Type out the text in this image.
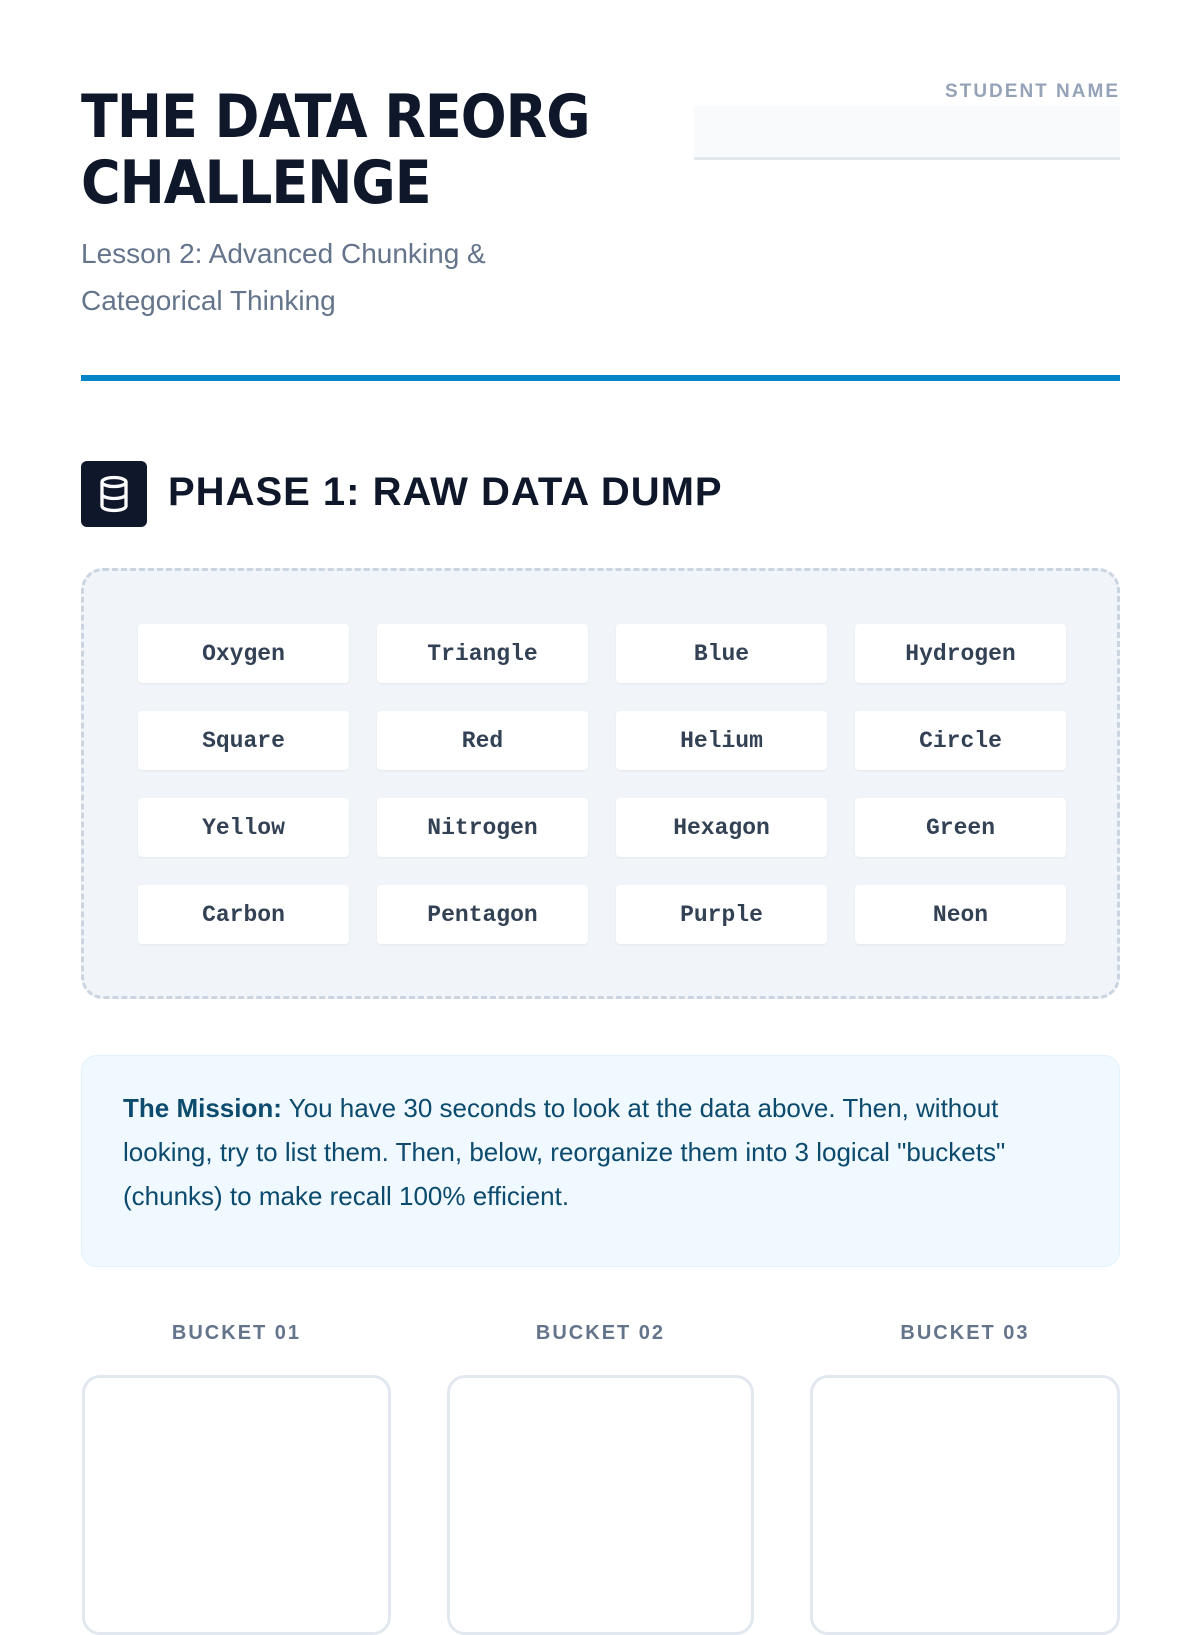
THE DATA REORG CHALLENGE
Lesson 2: Advanced Chunking & Categorical Thinking
STUDENT NAME
PHASE 1: RAW DATA DUMP
Oxygen	Triangle	Blue	Hydrogen
Square	Red	Helium	Circle
Yellow	Nitrogen	Hexagon	Green
Carbon	Pentagon	Purple	Neon
The Mission: You have 30 seconds to look at the data above. Then, without looking, try to list them. Then, below, reorganize them into 3 logical "buckets" (chunks) to make recall 100% efficient.
BUCKET 01	BUCKET 02	BUCKET 03
